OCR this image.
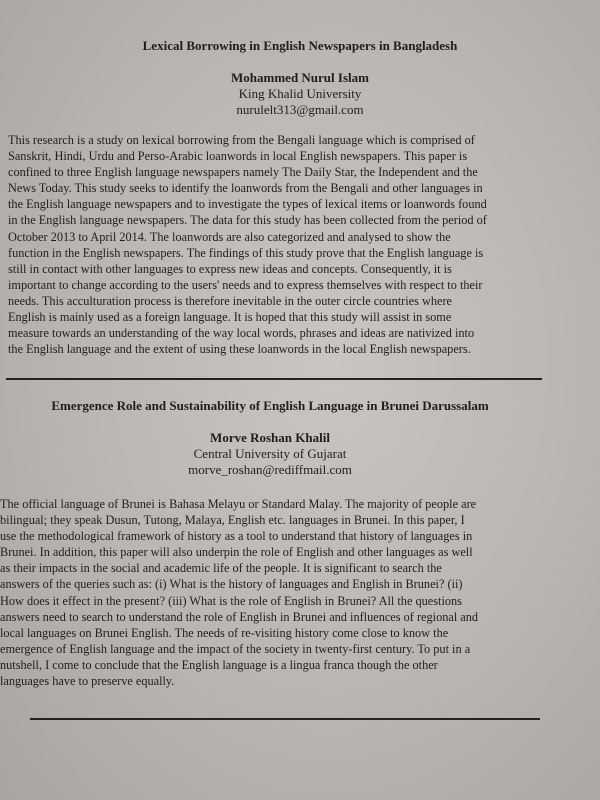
Lexical Borrowing in English Newspapers in Bangladesh
Mohammed Nurul Islam
King Khalid University
nurulelt313@gmail.com
This research is a study on lexical borrowing from the Bengali language which is comprised of
Sanskrit, Hindi, Urdu and Perso-Arabic loanwords in local English newspapers. This paper is
confined to three English language newspapers namely The Daily Star, the Independent and the
News Today. This study seeks to identify the loanwords from the Bengali and other languages in
the English language newspapers and to investigate the types of lexical items or loanwords found
in the English language newspapers. The data for this study has been collected from the period of
October 2013 to April 2014. The loanwords are also categorized and analysed to show the
function in the English newspapers. The findings of this study prove that the English language is
still in contact with other languages to express new ideas and concepts. Consequently, it is
important to change according to the users' needs and to express themselves with respect to their
needs. This acculturation process is therefore inevitable in the outer circle countries where
English is mainly used as a foreign language. It is hoped that this study will assist in some
measure towards an understanding of the way local words, phrases and ideas are nativized into
the English language and the extent of using these loanwords in the local English newspapers.
Emergence Role and Sustainability of English Language in Brunei Darussalam
Morve Roshan Khalil
Central University of Gujarat
morve_roshan@rediffmail.com
The official language of Brunei is Bahasa Melayu or Standard Malay. The majority of people are
bilingual; they speak Dusun, Tutong, Malaya, English etc. languages in Brunei. In this paper, I
use the methodological framework of history as a tool to understand that history of languages in
Brunei. In addition, this paper will also underpin the role of English and other languages as well
as their impacts in the social and academic life of the people. It is significant to search the
answers of the queries such as: (i) What is the history of languages and English in Brunei? (ii)
How does it effect in the present? (iii) What is the role of English in Brunei? All the questions
answers need to search to understand the role of English in Brunei and influences of regional and
local languages on Brunei English. The needs of re-visiting history come close to know the
emergence of English language and the impact of the society in twenty-first century. To put in a
nutshell, I come to conclude that the English language is a lingua franca though the other
languages have to preserve equally.
